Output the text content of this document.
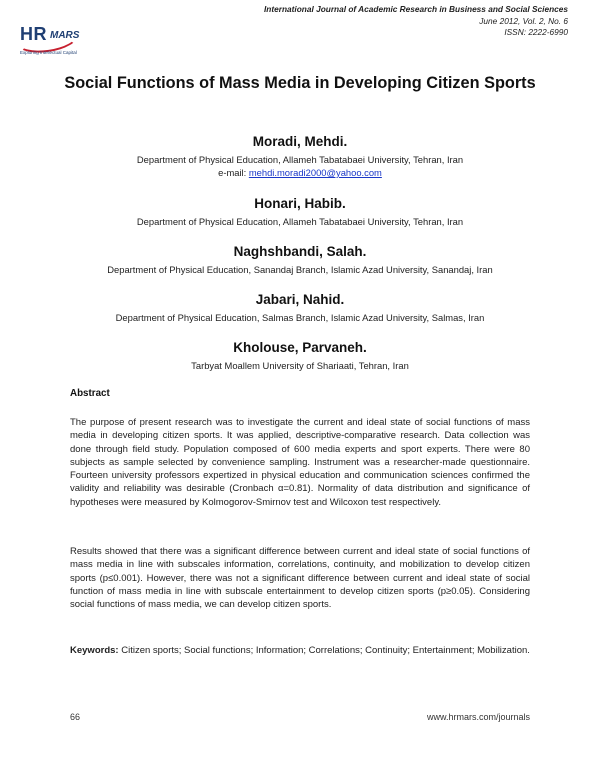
HR MARS
Exploring Intellectual Capital
International Journal of Academic Research in Business and Social Sciences
June 2012, Vol. 2, No. 6
ISSN: 2222-6990
Social Functions of Mass Media in Developing Citizen Sports
Moradi, Mehdi.
Department of Physical Education, Allameh Tabatabaei University, Tehran, Iran
e-mail: mehdi.moradi2000@yahoo.com
Honari, Habib.
Department of Physical Education, Allameh Tabatabaei University, Tehran, Iran
Naghshbandi, Salah.
Department of Physical Education, Sanandaj Branch, Islamic Azad University, Sanandaj, Iran
Jabari, Nahid.
Department of Physical Education, Salmas Branch, Islamic Azad University, Salmas, Iran
Kholouse, Parvaneh.
Tarbyat Moallem University of Shariaati, Tehran, Iran
Abstract
The purpose of present research was to investigate the current and ideal state of social functions of mass media in developing citizen sports. It was applied, descriptive-comparative research. Data collection was done through field study. Population composed of 600 media experts and sport experts. There were 80 subjects as sample selected by convenience sampling. Instrument was a researcher-made questionnaire. Fourteen university professors expertized in physical education and communication sciences confirmed the validity and reliability was desirable (Cronbach α=0.81). Normality of data distribution and significance of hypotheses were measured by Kolmogorov-Smirnov test and Wilcoxon test respectively.
Results showed that there was a significant difference between current and ideal state of social functions of mass media in line with subscales information, correlations, continuity, and mobilization to develop citizen sports (p≤0.001). However, there was not a significant difference between current and ideal state of social function of mass media in line with subscale entertainment to develop citizen sports (p≥0.05). Considering social functions of mass media, we can develop citizen sports.
Keywords: Citizen sports; Social functions; Information; Correlations; Continuity; Entertainment; Mobilization.
66	www.hrmars.com/journals
